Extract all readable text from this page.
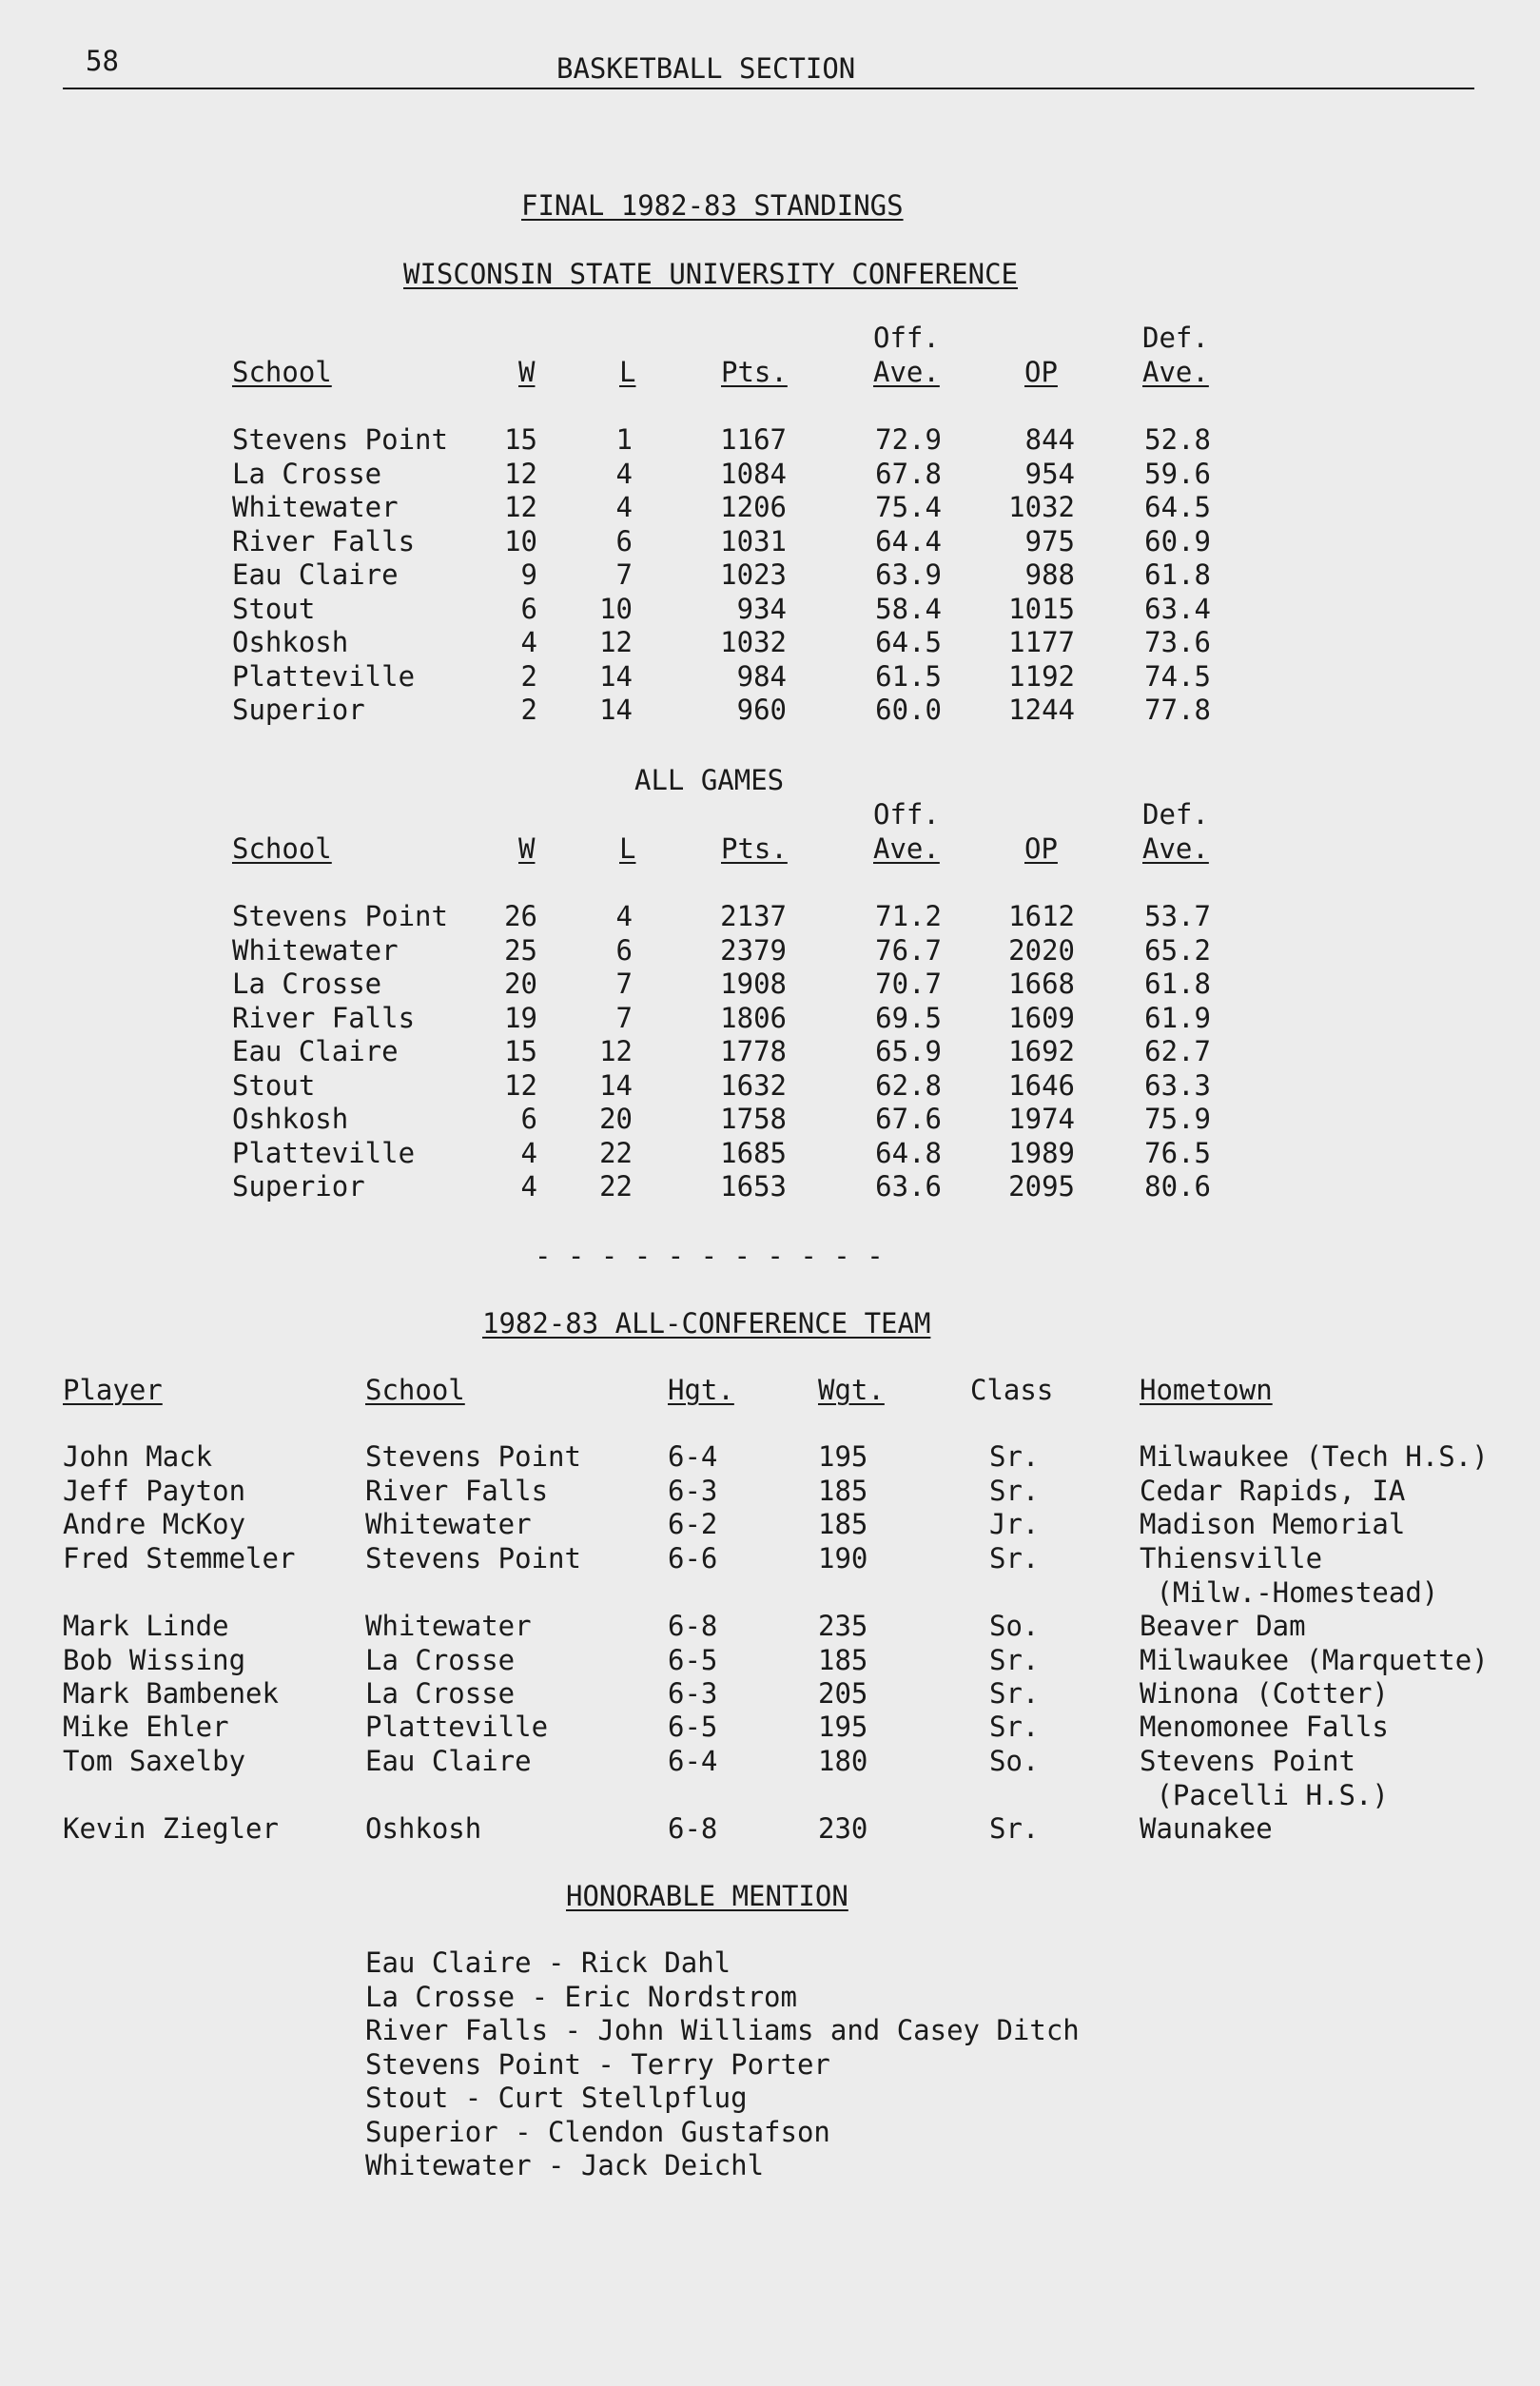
58	BASKETBALL SECTION
FINAL 1982-83 STANDINGS
WISCONSIN STATE UNIVERSITY CONFERENCE
Off.	Def.
School	W	L	Pts.	Ave.	OP	Ave.
Stevens Point	15	1	1167	72.9	844	52.8
La Crosse	12	4	1084	67.8	954	59.6
Whitewater	12	4	1206	75.4 1032	64.5
River Falls	10	6	1031	64.4	975	60.9
Eau Claire	9	7	1023	63.9	988	61.8
Stout	6	10	934	58.4 1015	63.4
Oshkosh	4	12	1032	64.5 1177	73.6
Platteville	2	14	984	61.5 1192	74.5
Superior	2	14	960	60.0 1244	77.8
ALL GAMES
Off.	Def.
School	W	L	Pts.	Ave.	OP	Ave.
Stevens Point	26	4	2137	71.2 1612	53.7
Whitewater	25	6	2379	76.7 2020	65.2
La Crosse	20	7	1908	70.7 1668	61.8
River Falls	19	7	1806	69.5 1609	61.9
Eau Claire	15	12	1778	65.9 1692	62.7
Stout	12	14	1632	62.8 1646	63.3
Oshkosh	6	20	1758	67.6 1974	75.9
Platteville	4	22	1685	64.8 1989	76.5
Superior	4	22	1653	63.6 2095	80.6
- - - - - - - - - - -
1982-83 ALL-CONFERENCE TEAM
Player	School	Hgt.	Wgt.	Class	Hometown
John Mack	Stevens Point	6-4	195	Sr.	Milwaukee (Tech H.S.)
Jeff Payton	River Falls	6-3	185	Sr.	Cedar Rapids, IA
Andre McKoy	Whitewater	6-2	185	Jr.	Madison Memorial
Fred Stemmeler	Stevens Point	6-6	190	Sr.	Thiensville
(Milw.-Homestead)
Mark Linde	Whitewater	6-8	235	So.	Beaver Dam
Bob Wissing	La Crosse	6-5	185	Sr.	Milwaukee (Marquette)
Mark Bambenek	La Crosse	6-3	205	Sr.	Winona (Cotter)
Mike Ehler	Platteville	6-5	195	Sr.	Menomonee Falls
Tom Saxelby	Eau Claire	6-4	180	So.	Stevens Point
(Pacelli H.S.)
Kevin Ziegler	Oshkosh	6-8	230	Sr.	Waunakee
HONORABLE MENTION
Eau Claire - Rick Dahl
La Crosse - Eric Nordstrom
River Falls - John Williams and Casey Ditch
Stevens Point - Terry Porter
Stout - Curt Stellpflug
Superior - Clendon Gustafson
Whitewater - Jack Deichl
